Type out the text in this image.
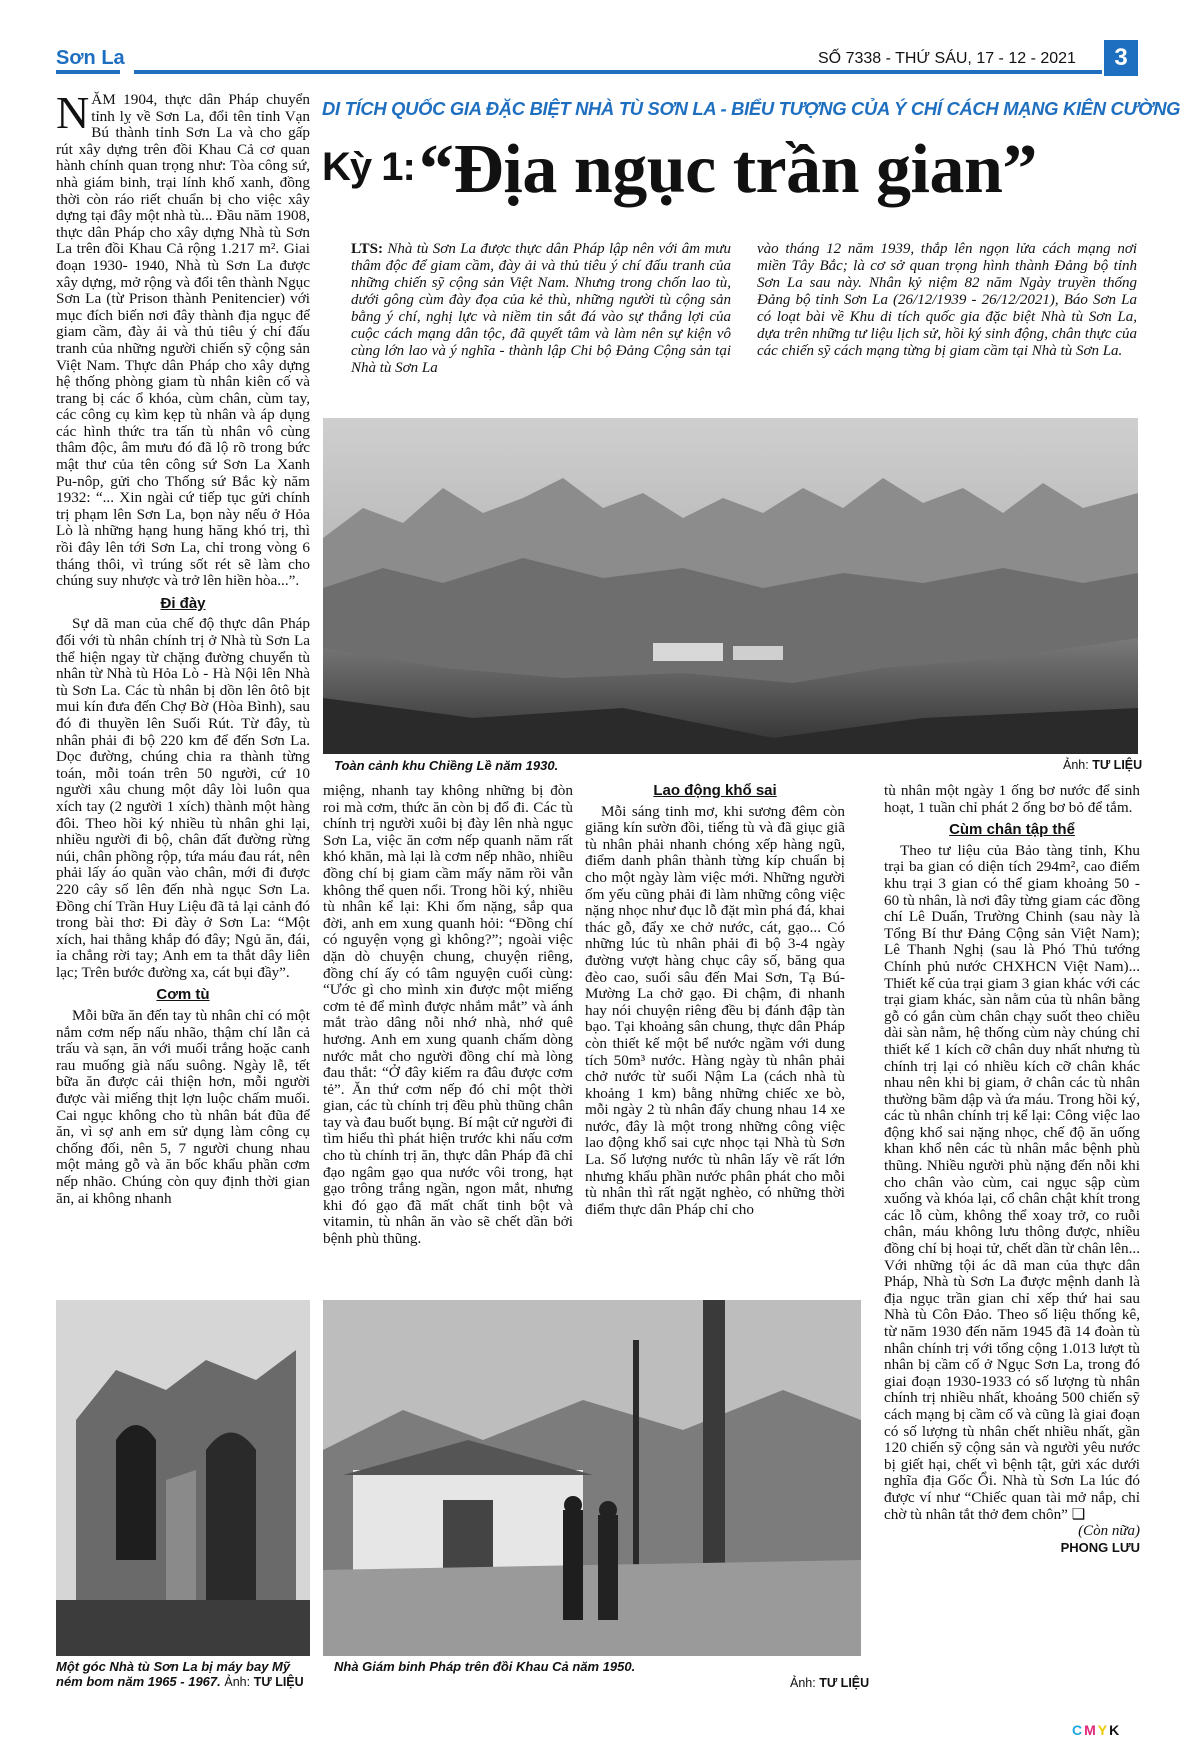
Sơn La	SỐ 7338 - THỨ SÁU, 17 - 12 - 2021	3
DI TÍCH QUỐC GIA ĐẶC BIỆT NHÀ TÙ SƠN LA - BIỂU TƯỢNG CỦA Ý CHÍ CÁCH MẠNG KIÊN CƯỜNG
Kỳ 1: “Địa ngục trần gian”
LTS: Nhà tù Sơn La được thực dân Pháp lập nên với âm mưu thâm độc để giam cầm, đày ải và thủ tiêu ý chí đấu tranh của những chiến sỹ cộng sản Việt Nam. Nhưng trong chốn lao tù, dưới gông cùm đày đọa của kẻ thù, những người tù cộng sản bằng ý chí, nghị lực và niềm tin sắt đá vào sự thắng lợi của cuộc cách mạng dân tộc, đã quyết tâm và làm nên sự kiện vô cùng lớn lao và ý nghĩa - thành lập Chi bộ Đảng Cộng sản tại Nhà tù Sơn La
vào tháng 12 năm 1939, thắp lên ngọn lửa cách mạng nơi miền Tây Bắc; là cơ sở quan trọng hình thành Đảng bộ tỉnh Sơn La sau này. Nhân kỷ niệm 82 năm Ngày truyền thống Đảng bộ tỉnh Sơn La (26/12/1939 - 26/12/2021), Báo Sơn La có loạt bài về Khu di tích quốc gia đặc biệt Nhà tù Sơn La, dựa trên những tư liệu lịch sử, hồi ký sinh động, chân thực của các chiến sỹ cách mạng từng bị giam cầm tại Nhà tù Sơn La.
Toàn cảnh khu Chiềng Lề năm 1930.	Ảnh: TƯ LIỆU
N ĂM 1904, thực dân Pháp chuyển tỉnh lỵ về Sơn La, đổi tên tỉnh Vạn Bú thành tỉnh Sơn La và cho gấp rút xây dựng trên đồi Khau Cả cơ quan hành chính quan trọng như: Tòa công sứ, nhà giám binh, trại lính khố xanh, đồng thời còn ráo riết chuẩn bị cho việc xây dựng tại đây một nhà tù... Đầu năm 1908, thực dân Pháp cho xây dựng Nhà tù Sơn La trên đồi Khau Cả rộng 1.217 m². Giai đoạn 1930- 1940, Nhà tù Sơn La được xây dựng, mở rộng và đổi tên thành Ngục Sơn La (từ Prison thành Penitencier) với mục đích biến nơi đây thành địa ngục để giam cầm, đày ải và thủ tiêu ý chí đấu tranh của những người chiến sỹ cộng sản Việt Nam. Thực dân Pháp cho xây dựng hệ thống phòng giam tù nhân kiên cố và trang bị các ổ khóa, cùm chân, cùm tay, các công cụ kìm kẹp tù nhân và áp dụng các hình thức tra tấn tù nhân vô cùng thâm độc, âm mưu đó đã lộ rõ trong bức mật thư của tên công sứ Sơn La Xanh Pu-nôp, gửi cho Thống sứ Bắc kỳ năm 1932: “... Xin ngài cứ tiếp tục gửi chính trị phạm lên Sơn La, bọn này nếu ở Hỏa Lò là những hạng hung hăng khó trị, thì rồi đây lên tới Sơn La, chỉ trong vòng 6 tháng thôi, vì trúng sốt rét sẽ làm cho chúng suy nhược và trở lên hiền hòa...”.
Đi đày

Sự dã man của chế độ thực dân Pháp đối với tù nhân chính trị ở Nhà tù Sơn La thể hiện ngay từ chặng đường chuyển tù nhân từ Nhà tù Hỏa Lò - Hà Nội lên Nhà tù Sơn La. Các tù nhân bị dồn lên ôtô bịt mui kín đưa đến Chợ Bờ (Hòa Bình), sau đó đi thuyền lên Suối Rút. Từ đây, tù nhân phải đi bộ 220 km để đến Sơn La. Dọc đường, chúng chia ra thành từng toán, mỗi toán trên 50 người, cứ 10 người xâu chung một dây lòi luôn qua xích tay (2 người 1 xích) thành một hàng đôi. Theo hồi ký nhiều tù nhân ghi lại, nhiều người đi bộ, chân đất đường rừng núi, chân phồng rộp, tứa máu đau rát, nên phải lấy áo quần vào chân, mới đi được 220 cây số lên đến nhà ngục Sơn La. Đồng chí Trần Huy Liệu đã tả lại cảnh đó trong bài thơ: Đi đày ở Sơn La: “Một xích, hai thằng khắp đó đây; Ngủ ăn, đái, ỉa chẳng rời tay; Anh em ta thắt dây liên lạc; Trên bước đường xa, cát bụi đầy”.

Cơm tù

Mỗi bữa ăn đến tay tù nhân chỉ có một nắm cơm nếp nấu nhão, thậm chí lẫn cả trấu và sạn, ăn với muối trắng hoặc canh rau muống già nấu suông. Ngày lễ, tết bữa ăn được cải thiện hơn, mỗi người được vài miếng thịt lợn luộc chấm muối. Cai ngục không cho tù nhân bát đũa để ăn, vì sợ anh em sử dụng làm công cụ chống đối, nên 5, 7 người chung nhau một mảng gỗ và ăn bốc khẩu phần cơm nếp nhão. Chúng còn quy định thời gian ăn, ai không nhanh

miệng, nhanh tay không những bị đòn roi mà cơm, thức ăn còn bị đổ đi. Các tù chính trị người xuôi bị đày lên nhà ngục Sơn La, việc ăn cơm nếp quanh năm rất khó khăn, mà lại là cơm nếp nhão, nhiều đồng chí bị giam cầm mấy năm rồi vẫn không thể quen nổi. Trong hồi ký, nhiều tù nhân kể lại: Khi ốm nặng, sắp qua đời, anh em xung quanh hỏi: “Đồng chí có nguyện vọng gì không?”; ngoài việc dặn dò chuyện chung, chuyện riêng, đồng chí ấy có tâm nguyện cuối cùng: “Ước gì cho mình xin được một miếng cơm tẻ để mình được nhắm mắt” và ánh mắt trào dâng nỗi nhớ nhà, nhớ quê hương. Anh em xung quanh chấm dòng nước mắt cho người đồng chí mà lòng đau thắt: “Ở đây kiếm ra đâu được cơm tẻ”. Ăn thứ cơm nếp đó chỉ một thời gian, các tù chính trị đều phù thũng chân tay và đau buốt bụng. Bí mật cử người đi tìm hiểu thì phát hiện trước khi nấu cơm cho tù chính trị ăn, thực dân Pháp đã chỉ đạo ngâm gạo qua nước vôi trong, hạt gạo trông trắng ngần, ngon mắt, nhưng khi đó gạo đã mất chất tinh bột và vitamin, tù nhân ăn vào sẽ chết dần bởi bệnh phù thũng.

Lao động khổ sai

Mỗi sáng tinh mơ, khi sương đêm còn giăng kín sườn đồi, tiếng tù và đã giục giã tù nhân phải nhanh chóng xếp hàng ngũ, điểm danh phân thành từng kíp chuẩn bị cho một ngày làm việc mới. Những người ốm yếu cũng phải đi làm những công việc nặng nhọc như đục lỗ đặt mìn phá đá, khai thác gỗ, đẩy xe chở nước, cát, gạo... Có những lúc tù nhân phải đi bộ 3-4 ngày đường vượt hàng chục cây số, băng qua đèo cao, suối sâu đến Mai Sơn, Tạ Bú- Mường La chở gạo. Đi chậm, đi nhanh hay nói chuyện riêng đều bị đánh đập tàn bạo. Tại khoảng sân chung, thực dân Pháp còn thiết kế một bể nước ngầm với dung tích 50m³ nước. Hàng ngày tù nhân phải chở nước từ suối Nậm La (cách nhà tù khoảng 1 km) bằng những chiếc xe bò, mỗi ngày 2 tù nhân đẩy chung nhau 14 xe nước, đây là một trong những công việc lao động khổ sai cực nhọc tại Nhà tù Sơn La. Số lượng nước tù nhân lấy về rất lớn nhưng khẩu phần nước phân phát cho mỗi tù nhân thì rất ngặt nghèo, có những thời điểm thực dân Pháp chỉ cho

tù nhân một ngày 1 ống bơ nước để sinh hoạt, 1 tuần chỉ phát 2 ống bơ bỏ để tắm.

Cùm chân tập thể

Theo tư liệu của Bảo tàng tỉnh, Khu trại ba gian có diện tích 294m², cao điểm khu trại 3 gian có thể giam khoảng 50 - 60 tù nhân, là nơi đây từng giam các đồng chí Lê Duẩn, Trường Chinh (sau này là Tổng Bí thư Đảng Cộng sản Việt Nam); Lê Thanh Nghị (sau là Phó Thủ tướng Chính phủ nước CHXHCN Việt Nam)... Thiết kế của trại giam 3 gian khác với các trại giam khác, sàn nằm của tù nhân bằng gỗ có gắn cùm chân chạy suốt theo chiều dài sàn nằm, hệ thống cùm này chúng chỉ thiết kế 1 kích cỡ chân duy nhất nhưng tù chính trị lại có nhiều kích cỡ chân khác nhau nên khi bị giam, ở chân các tù nhân thường bầm dập và ứa máu. Trong hồi ký, các tù nhân chính trị kể lại: Công việc lao động khổ sai nặng nhọc, chế độ ăn uống khan khổ nên các tù nhân mắc bệnh phù thũng. Nhiều người phù nặng đến nỗi khi cho chân vào cùm, cai ngục sập cùm xuống và khóa lại, cổ chân chật khít trong các lỗ cùm, không thể xoay trở, co ruỗi chân, máu không lưu thông được, nhiều đồng chí bị hoại tử, chết dần từ chân lên... Với những tội ác dã man của thực dân Pháp, Nhà tù Sơn La được mệnh danh là địa ngục trần gian chỉ xếp thứ hai sau Nhà tù Côn Đảo. Theo số liệu thống kê, từ năm 1930 đến năm 1945 đã 14 đoàn tù nhân chính trị với tổng cộng 1.013 lượt tù nhân bị cầm cố ở Ngục Sơn La, trong đó giai đoạn 1930-1933 có số lượng tù nhân chính trị nhiều nhất, khoảng 500 chiến sỹ cách mạng bị cầm cố và cũng là giai đoạn có số lượng tù nhân chết nhiều nhất, gần 120 chiến sỹ cộng sản và người yêu nước bị giết hại, chết vì bệnh tật, gửi xác dưới nghĩa địa Gốc Ổi. Nhà tù Sơn La lúc đó được ví như “Chiếc quan tài mở nắp, chỉ chờ tù nhân tắt thở đem chôn” ❑

(Còn nữa)
PHONG LƯU
Một góc Nhà tù Sơn La bị máy bay Mỹ ném bom năm 1965 - 1967. Ảnh: TƯ LIỆU
Nhà Giám binh Pháp trên đồi Khau Cả năm 1950.
Ảnh: TƯ LIỆU
CMYK
